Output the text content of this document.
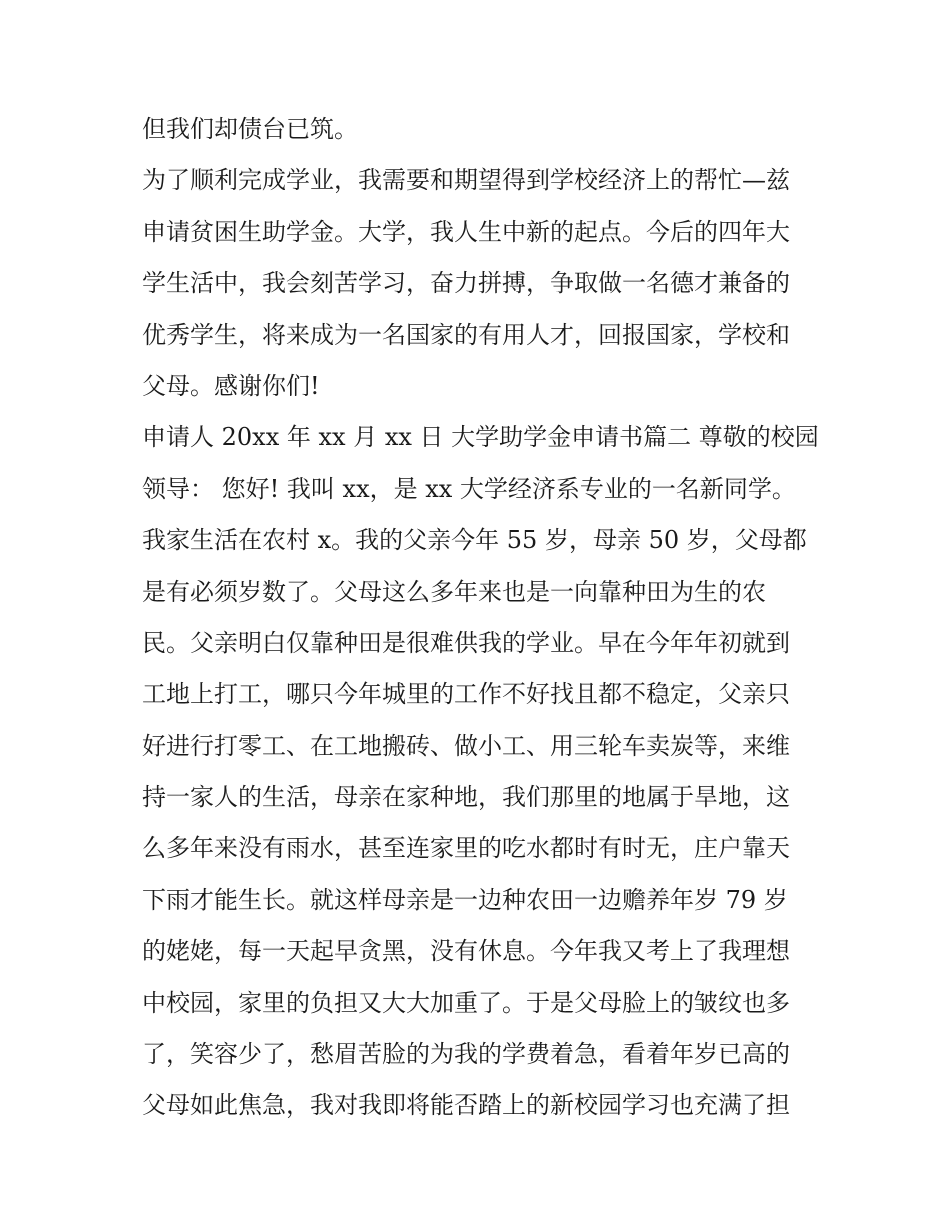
但我们却债台已筑。
为了顺利完成学业，我需要和期望得到学校经济上的帮忙—兹
申请贫困生助学金。大学，我人生中新的起点。今后的四年大
学生活中，我会刻苦学习，奋力拼搏，争取做一名德才兼备的
优秀学生，将来成为一名国家的有用人才，回报国家，学校和
父母。感谢你们!
申请人 20xx 年 xx 月 xx 日 大学助学金申请书篇二 尊敬的校园
领导： 您好! 我叫 xx，是 xx 大学经济系专业的一名新同学。
我家生活在农村 x。我的父亲今年 55 岁，母亲 50 岁，父母都
是有必须岁数了。父母这么多年来也是一向靠种田为生的农
民。父亲明白仅靠种田是很难供我的学业。早在今年年初就到
工地上打工，哪只今年城里的工作不好找且都不稳定，父亲只
好进行打零工、在工地搬砖、做小工、用三轮车卖炭等，来维
持一家人的生活，母亲在家种地，我们那里的地属于旱地，这
么多年来没有雨水，甚至连家里的吃水都时有时无，庄户靠天
下雨才能生长。就这样母亲是一边种农田一边赡养年岁 79 岁
的姥姥，每一天起早贪黑，没有休息。今年我又考上了我理想
中校园，家里的负担又大大加重了。于是父母脸上的皱纹也多
了，笑容少了，愁眉苦脸的为我的学费着急，看着年岁已高的
父母如此焦急，我对我即将能否踏上的新校园学习也充满了担
